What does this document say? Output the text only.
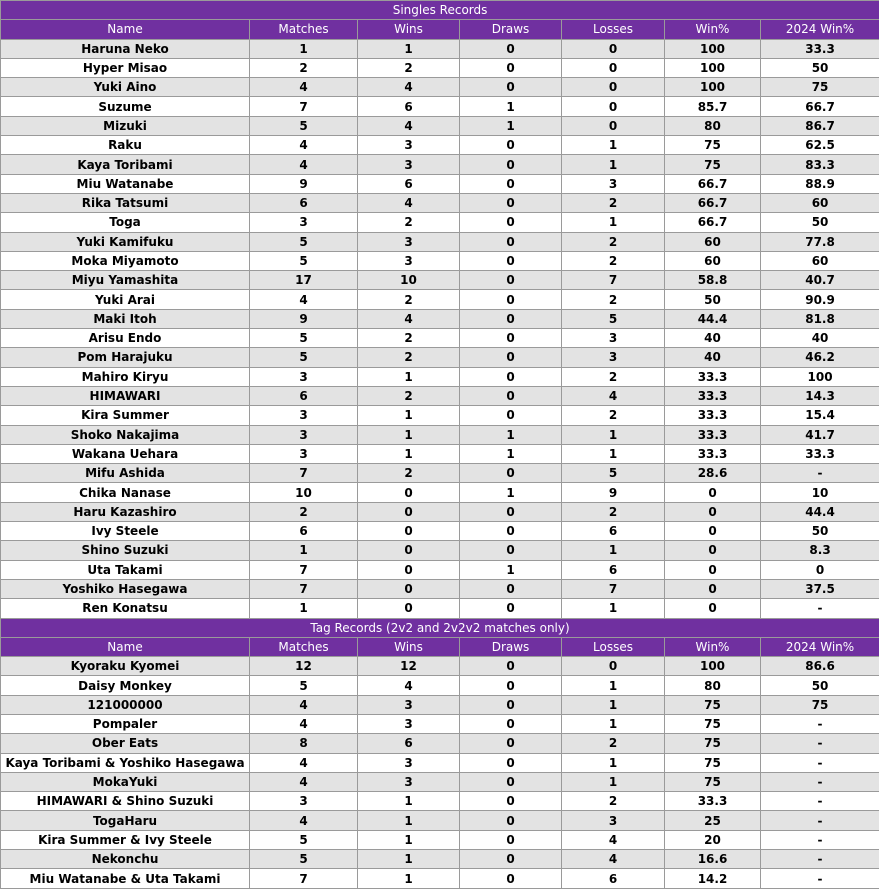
Singles Records						
Name	Matches	Wins	Draws	Losses	Win%	2024 Win%
Haruna Neko	1	1	0	0	100	33.3
Hyper Misao	2	2	0	0	100	50
Yuki Aino	4	4	0	0	100	75
Suzume	7	6	1	0	85.7	66.7
Mizuki	5	4	1	0	80	86.7
Raku	4	3	0	1	75	62.5
Kaya Toribami	4	3	0	1	75	83.3
Miu Watanabe	9	6	0	3	66.7	88.9
Rika Tatsumi	6	4	0	2	66.7	60
Toga	3	2	0	1	66.7	50
Yuki Kamifuku	5	3	0	2	60	77.8
Moka Miyamoto	5	3	0	2	60	60
Miyu Yamashita	17	10	0	7	58.8	40.7
Yuki Arai	4	2	0	2	50	90.9
Maki Itoh	9	4	0	5	44.4	81.8
Arisu Endo	5	2	0	3	40	40
Pom Harajuku	5	2	0	3	40	46.2
Mahiro Kiryu	3	1	0	2	33.3	100
HIMAWARI	6	2	0	4	33.3	14.3
Kira Summer	3	1	0	2	33.3	15.4
Shoko Nakajima	3	1	1	1	33.3	41.7
Wakana Uehara	3	1	1	1	33.3	33.3
Mifu Ashida	7	2	0	5	28.6	-
Chika Nanase	10	0	1	9	0	10
Haru Kazashiro	2	0	0	2	0	44.4
Ivy Steele	6	0	0	6	0	50
Shino Suzuki	1	0	0	1	0	8.3
Uta Takami	7	0	1	6	0	0
Yoshiko Hasegawa	7	0	0	7	0	37.5
Ren Konatsu	1	0	0	1	0	-
Tag Records (2v2 and 2v2v2 matches only)						
Name	Matches	Wins	Draws	Losses	Win%	2024 Win%
Kyoraku Kyomei	12	12	0	0	100	86.6
Daisy Monkey	5	4	0	1	80	50
121000000	4	3	0	1	75	75
Pompaler	4	3	0	1	75	-
Ober Eats	8	6	0	2	75	-
Kaya Toribami & Yoshiko Hasegawa	4	3	0	1	75	-
MokaYuki	4	3	0	1	75	-
HIMAWARI & Shino Suzuki	3	1	0	2	33.3	-
TogaHaru	4	1	0	3	25	-
Kira Summer & Ivy Steele	5	1	0	4	20	-
Nekonchu	5	1	0	4	16.6	-
Miu Watanabe & Uta Takami	7	1	0	6	14.2	-
